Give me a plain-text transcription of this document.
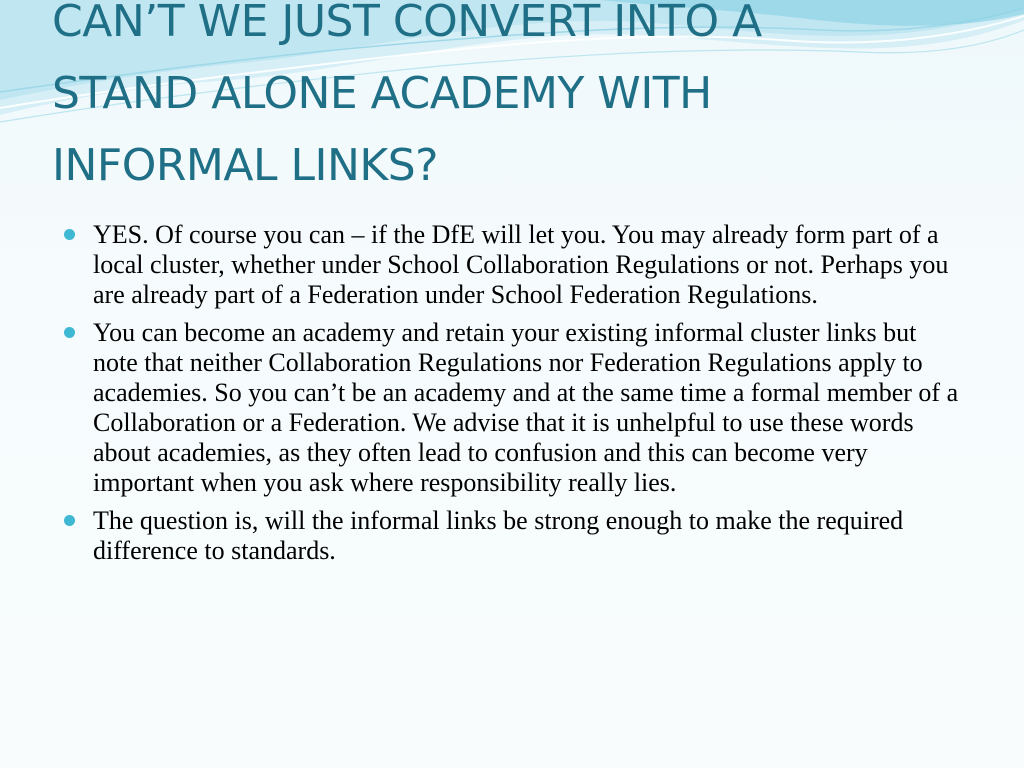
CAN’T WE JUST CONVERT INTO A
STAND ALONE ACADEMY WITH
INFORMAL LINKS?
YES. Of course you can – if the DfE will let you. You may already form part of a local cluster, whether under School Collaboration Regulations or not. Perhaps you are already part of a Federation under School Federation Regulations.
You can become an academy and retain your existing informal cluster links but note that neither Collaboration Regulations nor Federation Regulations apply to academies. So you can’t be an academy and at the same time a formal member of a Collaboration or a Federation. We advise that it is unhelpful to use these words about academies, as they often lead to confusion and this can become very important when you ask where responsibility really lies.
The question is, will the informal links be strong enough to make the required difference to standards.
